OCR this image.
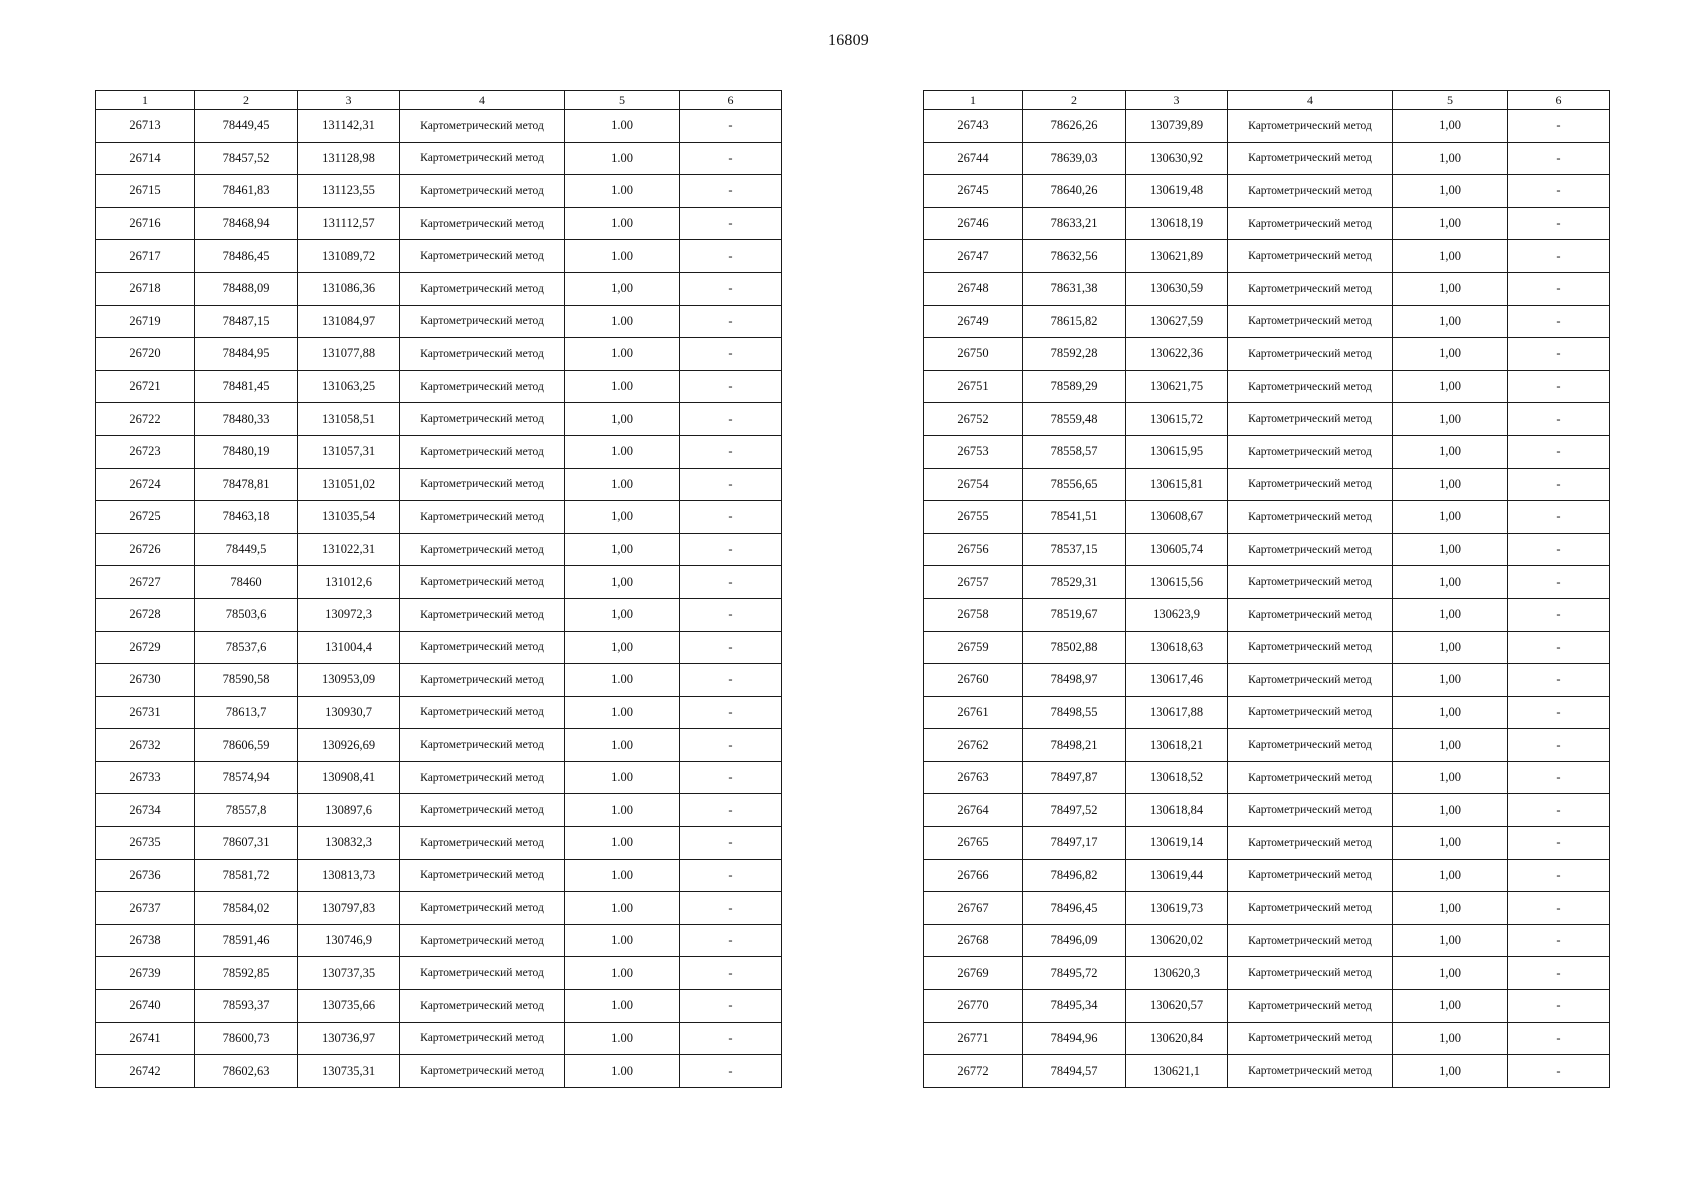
16809
1	2	3	4	5	6
26713	78449,45	131142,31	Картометрический метод	1.00	-
26714	78457,52	131128,98	Картометрический метод	1.00	-
26715	78461,83	131123,55	Картометрический метод	1.00	-
26716	78468,94	131112,57	Картометрический метод	1.00	-
26717	78486,45	131089,72	Картометрический метод	1.00	-
26718	78488,09	131086,36	Картометрический метод	1,00	-
26719	78487,15	131084,97	Картометрический метод	1.00	-
26720	78484,95	131077,88	Картометрический метод	1.00	-
26721	78481,45	131063,25	Картометрический метод	1.00	-
26722	78480,33	131058,51	Картометрический метод	1,00	-
26723	78480,19	131057,31	Картометрический метод	1.00	-
26724	78478,81	131051,02	Картометрический метод	1.00	-
26725	78463,18	131035,54	Картометрический метод	1,00	-
26726	78449,5	131022,31	Картометрический метод	1,00	-
26727	78460	131012,6	Картометрический метод	1,00	-
26728	78503,6	130972,3	Картометрический метод	1,00	-
26729	78537,6	131004,4	Картометрический метод	1,00	-
26730	78590,58	130953,09	Картометрический метод	1.00	-
26731	78613,7	130930,7	Картометрический метод	1.00	-
26732	78606,59	130926,69	Картометрический метод	1.00	-
26733	78574,94	130908,41	Картометрический метод	1.00	-
26734	78557,8	130897,6	Картометрический метод	1.00	-
26735	78607,31	130832,3	Картометрический метод	1.00	-
26736	78581,72	130813,73	Картометрический метод	1.00	-
26737	78584,02	130797,83	Картометрический метод	1.00	-
26738	78591,46	130746,9	Картометрический метод	1.00	-
26739	78592,85	130737,35	Картометрический метод	1.00	-
26740	78593,37	130735,66	Картометрический метод	1.00	-
26741	78600,73	130736,97	Картометрический метод	1.00	-
26742	78602,63	130735,31	Картометрический метод	1.00	-
1	2	3	4	5	6
26743	78626,26	130739,89	Картометрический метод	1,00	-
26744	78639,03	130630,92	Картометрический метод	1,00	-
26745	78640,26	130619,48	Картометрический метод	1,00	-
26746	78633,21	130618,19	Картометрический метод	1,00	-
26747	78632,56	130621,89	Картометрический метод	1,00	-
26748	78631,38	130630,59	Картометрический метод	1,00	-
26749	78615,82	130627,59	Картометрический метод	1,00	-
26750	78592,28	130622,36	Картометрический метод	1,00	-
26751	78589,29	130621,75	Картометрический метод	1,00	-
26752	78559,48	130615,72	Картометрический метод	1,00	-
26753	78558,57	130615,95	Картометрический метод	1,00	-
26754	78556,65	130615,81	Картометрический метод	1,00	-
26755	78541,51	130608,67	Картометрический метод	1,00	-
26756	78537,15	130605,74	Картометрический метод	1,00	-
26757	78529,31	130615,56	Картометрический метод	1,00	-
26758	78519,67	130623,9	Картометрический метод	1,00	-
26759	78502,88	130618,63	Картометрический метод	1,00	-
26760	78498,97	130617,46	Картометрический метод	1,00	-
26761	78498,55	130617,88	Картометрический метод	1,00	-
26762	78498,21	130618,21	Картометрический метод	1,00	-
26763	78497,87	130618,52	Картометрический метод	1,00	-
26764	78497,52	130618,84	Картометрический метод	1,00	-
26765	78497,17	130619,14	Картометрический метод	1,00	-
26766	78496,82	130619,44	Картометрический метод	1,00	-
26767	78496,45	130619,73	Картометрический метод	1,00	-
26768	78496,09	130620,02	Картометрический метод	1,00	-
26769	78495,72	130620,3	Картометрический метод	1,00	-
26770	78495,34	130620,57	Картометрический метод	1,00	-
26771	78494,96	130620,84	Картометрический метод	1,00	-
26772	78494,57	130621,1	Картометрический метод	1,00	-
